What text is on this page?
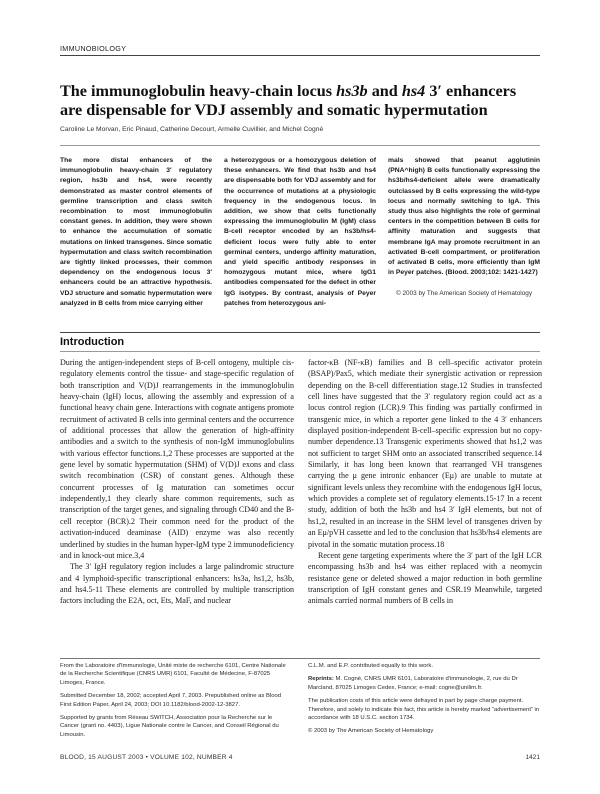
IMMUNOBIOLOGY
The immunoglobulin heavy-chain locus hs3b and hs4 3′ enhancers are dispensable for VDJ assembly and somatic hypermutation
Caroline Le Morvan, Eric Pinaud, Catherine Decourt, Armelle Cuvillier, and Michel Cogné
The more distal enhancers of the immunoglobulin heavy-chain 3′ regulatory region, hs3b and hs4, were recently demonstrated as master control elements of germline transcription and class switch recombination to most immunoglobulin constant genes. In addition, they were shown to enhance the accumulation of somatic mutations on linked transgenes. Since somatic hypermutation and class switch recombination are tightly linked processes, their common dependency on the endogenous locus 3′ enhancers could be an attractive hypothesis. VDJ structure and somatic hypermutation were analyzed in B cells from mice carrying either
a heterozygous or a homozygous deletion of these enhancers. We find that hs3b and hs4 are dispensable both for VDJ assembly and for the occurrence of mutations at a physiologic frequency in the endogenous locus. In addition, we show that cells functionally expressing the immunoglobulin M (IgM) class B-cell receptor encoded by an hs3b/hs4-deficient locus were fully able to enter germinal centers, undergo affinity maturation, and yield specific antibody responses in homozygous mutant mice, where IgG1 antibodies compensated for the defect in other IgG isotypes. By contrast, analysis of Peyer patches from heterozygous ani-
mals showed that peanut agglutinin (PNA^high) B cells functionally expressing the hs3b/hs4-deficient allele were dramatically outclassed by B cells expressing the wild-type locus and normally switching to IgA. This study thus also highlights the role of germinal centers in the competition between B cells for affinity maturation and suggests that membrane IgA may promote recruitment in an activated B-cell compartment, or proliferation of activated B cells, more efficiently than IgM in Peyer patches. (Blood. 2003;102: 1421-1427)
© 2003 by The American Society of Hematology
Introduction

During the antigen-independent steps of B-cell ontogeny, multiple cis-regulatory elements control the tissue- and stage-specific regulation of both transcription and V(D)J rearrangements in the immunoglobulin heavy-chain (IgH) locus, allowing the assembly and expression of a functional heavy chain gene. Interactions with cognate antigens promote recruitment of activated B cells into germinal centers and the occurrence of additional processes that allow the generation of high-affinity antibodies and a switch to the synthesis of non-IgM immunoglobulins with various effector functions.1,2 These processes are supported at the gene level by somatic hypermutation (SHM) of V(D)J exons and class switch recombination (CSR) of constant genes. Although these concurrent processes of Ig maturation can sometimes occur independently,1 they clearly share common requirements, such as transcription of the target genes, and signaling through CD40 and the B-cell receptor (BCR).2 Their common need for the product of the activation-induced deaminase (AID) enzyme was also recently underlined by studies in the human hyper-IgM type 2 immunodeficiency and in knock-out mice.3,4

The 3′ IgH regulatory region includes a large palindromic structure and 4 lymphoid-specific transcriptional enhancers: hs3a, hs1,2, hs3b, and hs4.5-11 These elements are controlled by multiple transcription factors including the E2A, oct, Ets, MaF, and nuclear

factor-κB (NF-κB) families and B cell–specific activator protein (BSAP)/Pax5, which mediate their synergistic activation or repression depending on the B-cell differentiation stage.12 Studies in transfected cell lines have suggested that the 3′ regulatory region could act as a locus control region (LCR).9 This finding was partially confirmed in transgenic mice, in which a reporter gene linked to the 4 3′ enhancers displayed position-independent B-cell–specific expression but no copy-number dependence.13 Transgenic experiments showed that hs1,2 was not sufficient to target SHM onto an associated transcribed sequence.14 Similarly, it has long been known that rearranged VH transgenes carrying the μ gene intronic enhancer (Eμ) are unable to mutate at significant levels unless they recombine with the endogenous IgH locus, which provides a complete set of regulatory elements.15-17 In a recent study, addition of both the hs3b and hs4 3′ IgH elements, but not of hs1,2, resulted in an increase in the SHM level of transgenes driven by an Eμ/pVH cassette and led to the conclusion that hs3b/hs4 elements are pivotal in the somatic mutation process.18

Recent gene targeting experiments where the 3′ part of the IgH LCR encompassing hs3b and hs4 was either replaced with a neomycin resistance gene or deleted showed a major reduction in both germline transcription of IgH constant genes and CSR.19 Meanwhile, targeted animals carried normal numbers of B cells in

From the Laboratoire d'Immunologie, Unité mixte de recherche 6101, Centre Nationale de la Recherche Scientifique (CNRS UMR) 6101, Faculté de Médecine, F-87025 Limoges, France.

Submitted December 18, 2002; accepted April 7, 2003. Prepublished online as Blood First Edition Paper, April 24, 2003; DOI 10.1182/blood-2002-12-3827.

Supported by grants from Réseau SWITCH, Association pour la Recherche sur le Cancer (grant no. 4403), Ligue Nationale contre le Cancer, and Conseil Régional du Limousin.

C.L.M. and E.P. contributed equally to this work.

Reprints: M. Cogné, CNRS UMR 6101, Laboratoire d'immunologie, 2, rue du Dr Marcland, 87025 Limoges Cedex, France; e-mail: cogne@unilim.fr.

The publication costs of this article were defrayed in part by page charge payment. Therefore, and solely to indicate this fact, this article is hereby marked “advertisement” in accordance with 18 U.S.C. section 1734.

© 2003 by The American Society of Hematology

BLOOD, 15 AUGUST 2003 • VOLUME 102, NUMBER 4	1421
